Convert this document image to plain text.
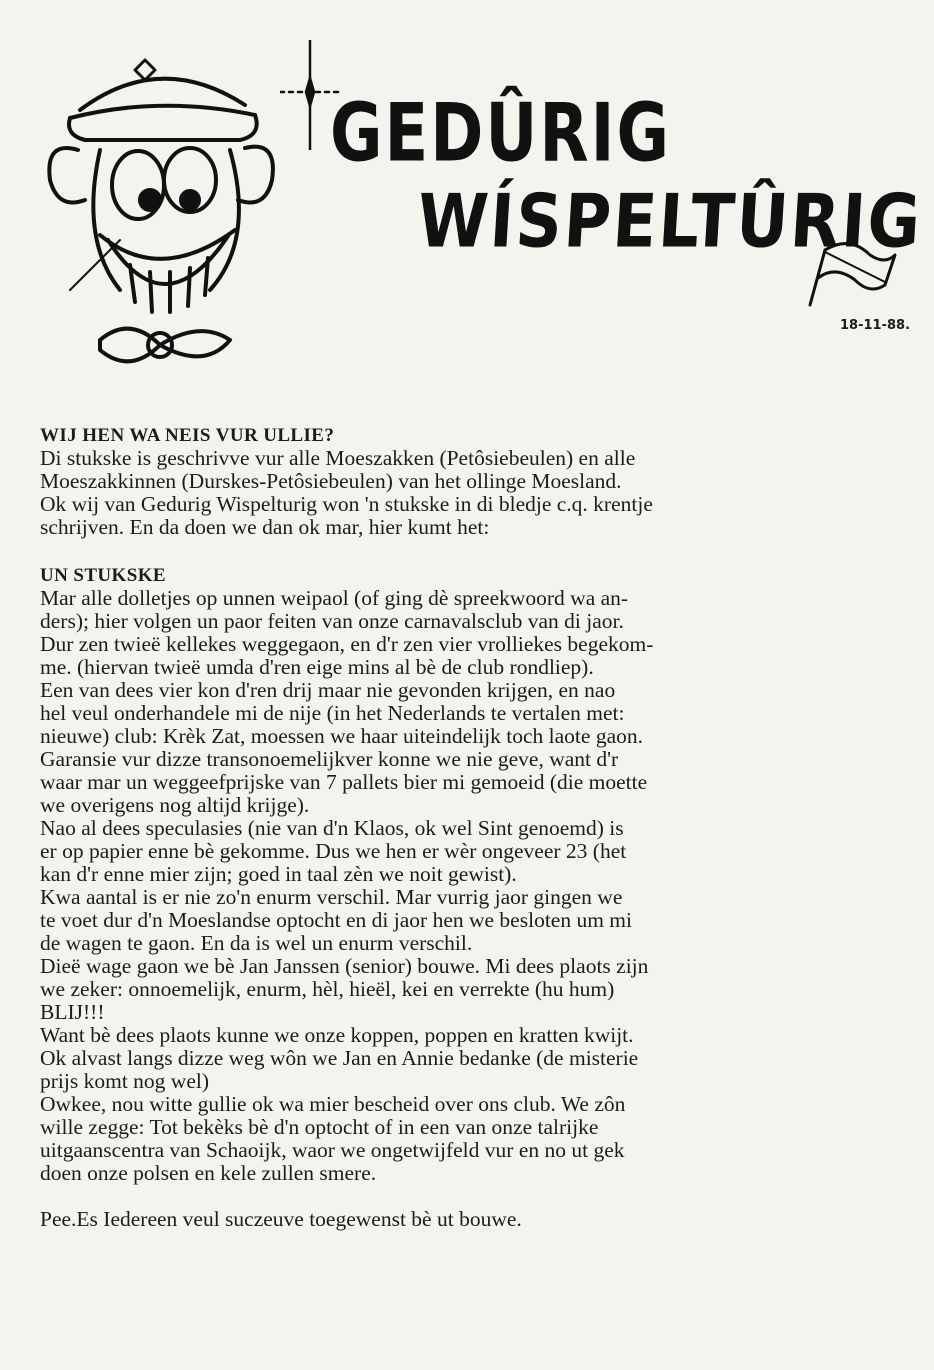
GEDÛRIG
WÍSPELTÛRIG
18-11-88.

WIJ HEN WA NEIS VUR ULLIE?

Di stukske is geschrivve vur alle Moeszakken (Petôsiebeulen) en alle

Moeszakkinnen (Durskes-Petôsiebeulen) van het ollinge Moesland.

Ok wij van Gedurig Wispelturig won 'n stukske in di bledje c.q. krentje

schrijven. En da doen we dan ok mar, hier kumt het:

UN STUKSKE

Mar alle dolletjes op unnen weipaol (of ging dè spreekwoord wa an-

ders); hier volgen un paor feiten van onze carnavalsclub van di jaor.

Dur zen twieë kellekes weggegaon, en d'r zen vier vrolliekes begekom-

me. (hiervan twieë umda d'ren eige mins al bè de club rondliep).

Een van dees vier kon d'ren drij maar nie gevonden krijgen, en nao

hel veul onderhandele mi de nije (in het Nederlands te vertalen met:

nieuwe) club: Krèk Zat, moessen we haar uiteindelijk toch laote gaon.

Garansie vur dizze transonoemelijkver konne we nie geve, want d'r

waar mar un weggeefprijske van 7 pallets bier mi gemoeid (die moette

we overigens nog altijd krijge).

Nao al dees speculasies (nie van d'n Klaos, ok wel Sint genoemd) is

er op papier enne bè gekomme. Dus we hen er wèr ongeveer 23 (het

kan d'r enne mier zijn; goed in taal zèn we noit gewist).

Kwa aantal is er nie zo'n enurm verschil. Mar vurrig jaor gingen we

te voet dur d'n Moeslandse optocht en di jaor hen we besloten um mi

de wagen te gaon. En da is wel un enurm verschil.

Dieë wage gaon we bè Jan Janssen (senior) bouwe. Mi dees plaots zijn

we zeker: onnoemelijk, enurm, hèl, hieël, kei en verrekte (hu hum)

BLIJ!!!

Want bè dees plaots kunne we onze koppen, poppen en kratten kwijt.

Ok alvast langs dizze weg wôn we Jan en Annie bedanke (de misterie

prijs komt nog wel)

Owkee, nou witte gullie ok wa mier bescheid over ons club. We zôn

wille zegge: Tot bekèks bè d'n optocht of in een van onze talrijke

uitgaanscentra van Schaoijk, waor we ongetwijfeld vur en no ut gek

doen onze polsen en kele zullen smere.

Pee.Es Iedereen veul suczeuve toegewenst bè ut bouwe.
